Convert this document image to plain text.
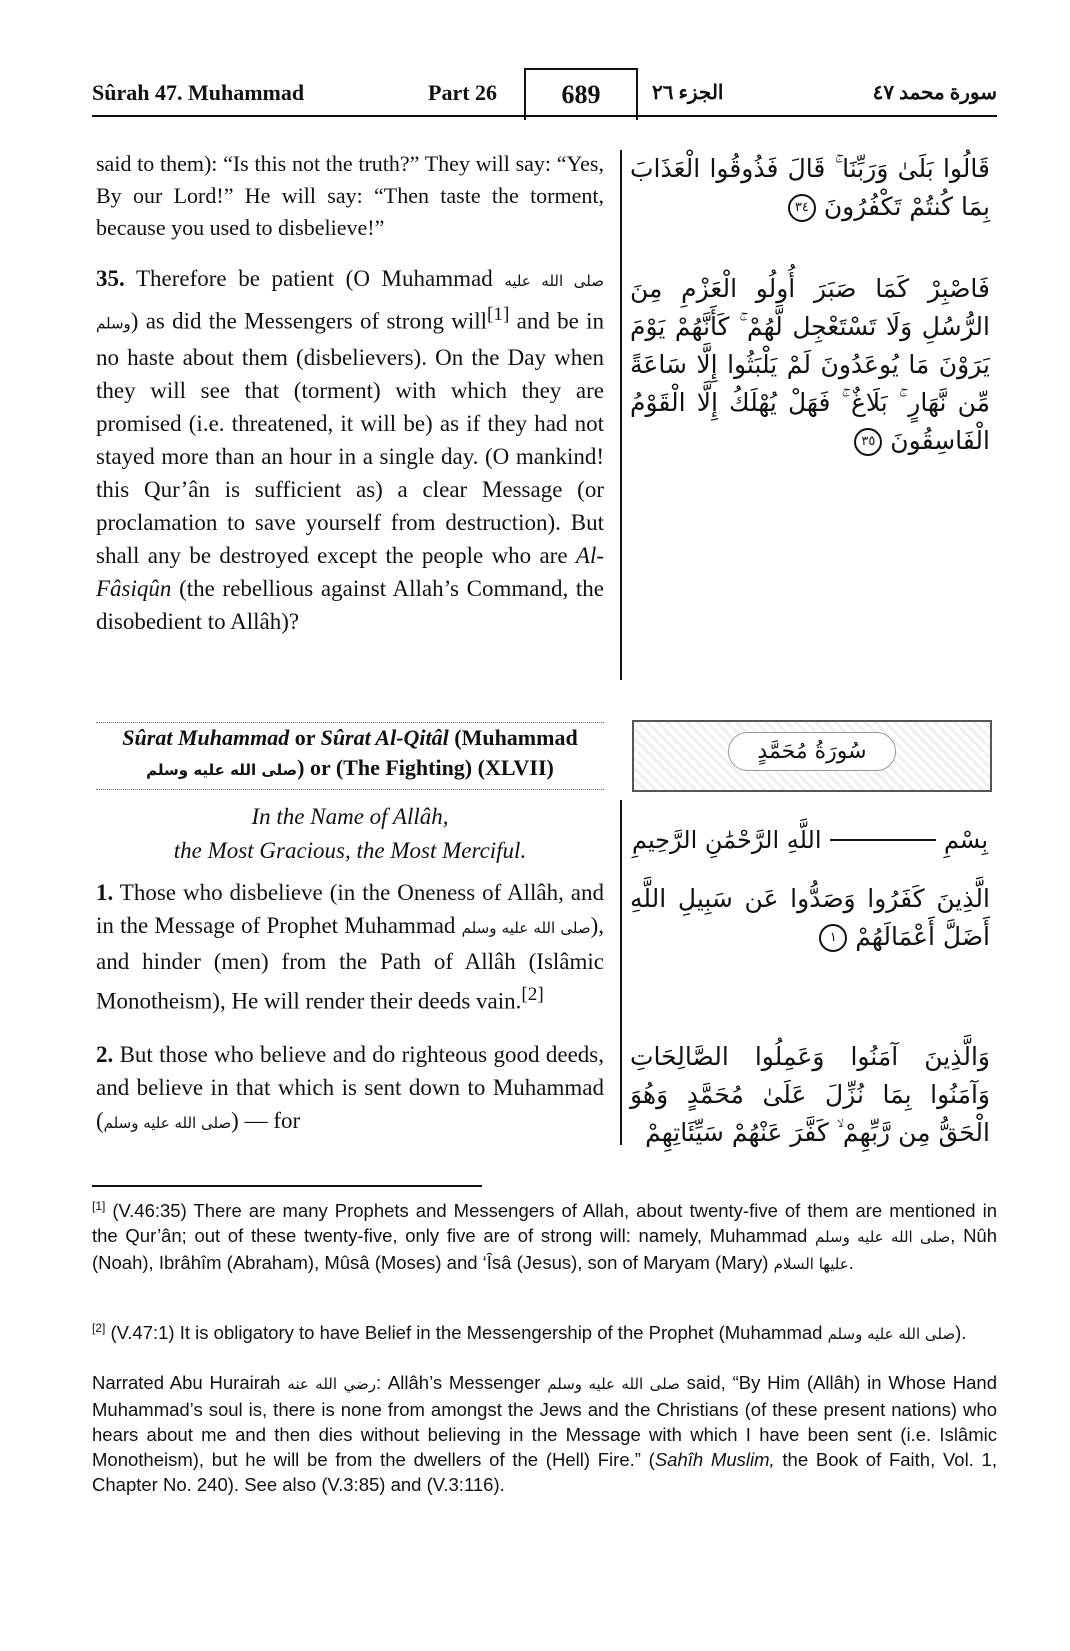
Sûrah 47. Muhammad	Part 26	689	الجزء ٢٦	سورة محمد ٤٧

said to them): “Is this not the truth?” They will say: “Yes, By our Lord!” He will say: “Then taste the torment, because you used to disbelieve!”

قَالُوا بَلَىٰ وَرَبِّنَا ۚ قَالَ فَذُوقُوا الْعَذَابَ بِمَا كُنتُمْ تَكْفُرُونَ ٣٤

35. Therefore be patient (O Muhammad صلى الله عليه وسلم) as did the Messengers of strong will[1] and be in no haste about them (disbelievers). On the Day when they will see that (torment) with which they are promised (i.e. threatened, it will be) as if they had not stayed more than an hour in a single day. (O mankind! this Qur’ân is sufficient as) a clear Message (or proclamation to save yourself from destruction). But shall any be destroyed except the people who are Al-Fâsiqûn (the rebellious against Allah’s Command, the disobedient to Allâh)?

فَاصْبِرْ كَمَا صَبَرَ أُولُو الْعَزْمِ مِنَ الرُّسُلِ وَلَا تَسْتَعْجِل لَّهُمْ ۚ كَأَنَّهُمْ يَوْمَ يَرَوْنَ مَا يُوعَدُونَ لَمْ يَلْبَثُوا إِلَّا سَاعَةً مِّن نَّهَارٍ ۚ بَلَاغٌ ۚ فَهَلْ يُهْلَكُ إِلَّا الْقَوْمُ الْفَاسِقُونَ ٣٥

Sûrat Muhammad or Sûrat Al-Qitâl (Muhammad
صلى الله عليه وسلم) or (The Fighting) (XLVII)
سُورَةُ مُحَمَّدٍ
In the Name of Allâh,
the Most Gracious, the Most Merciful.	بِسْمِ
اللَّهِ الرَّحْمَٰنِ الرَّحِيمِ

1. Those who disbelieve (in the Oneness of Allâh, and in the Message of Prophet Muhammad صلى الله عليه وسلم), and hinder (men) from the Path of Allâh (Islâmic Monotheism), He will render their deeds vain.[2]

الَّذِينَ كَفَرُوا وَصَدُّوا عَن سَبِيلِ اللَّهِ أَضَلَّ أَعْمَالَهُمْ ١

2. But those who believe and do righteous good deeds, and believe in that which is sent down to Muhammad (صلى الله عليه وسلم) — for

وَالَّذِينَ آمَنُوا وَعَمِلُوا الصَّالِحَاتِ وَآمَنُوا بِمَا نُزِّلَ عَلَىٰ مُحَمَّدٍ وَهُوَ الْحَقُّ مِن رَّبِّهِمْ ۙ كَفَّرَ عَنْهُمْ سَيِّئَاتِهِمْ

[1] (V.46:35) There are many Prophets and Messengers of Allah, about twenty-five of them are mentioned in the Qur’ân; out of these twenty-five, only five are of strong will: namely, Muhammad صلى الله عليه وسلم, Nûh (Noah), Ibrâhîm (Abraham), Mûsâ (Moses) and ‘Îsâ (Jesus), son of Maryam (Mary) عليها السلام.

[2] (V.47:1) It is obligatory to have Belief in the Messengership of the Prophet (Muhammad صلى الله عليه وسلم).

Narrated Abu Hurairah رضي الله عنه: Allâh’s Messenger صلى الله عليه وسلم said, “By Him (Allâh) in Whose Hand Muhammad’s soul is, there is none from amongst the Jews and the Christians (of these present nations) who hears about me and then dies without believing in the Message with which I have been sent (i.e. Islâmic Monotheism), but he will be from the dwellers of the (Hell) Fire.” (Sahîh Muslim, the Book of Faith, Vol. 1, Chapter No. 240). See also (V.3:85) and (V.3:116).
